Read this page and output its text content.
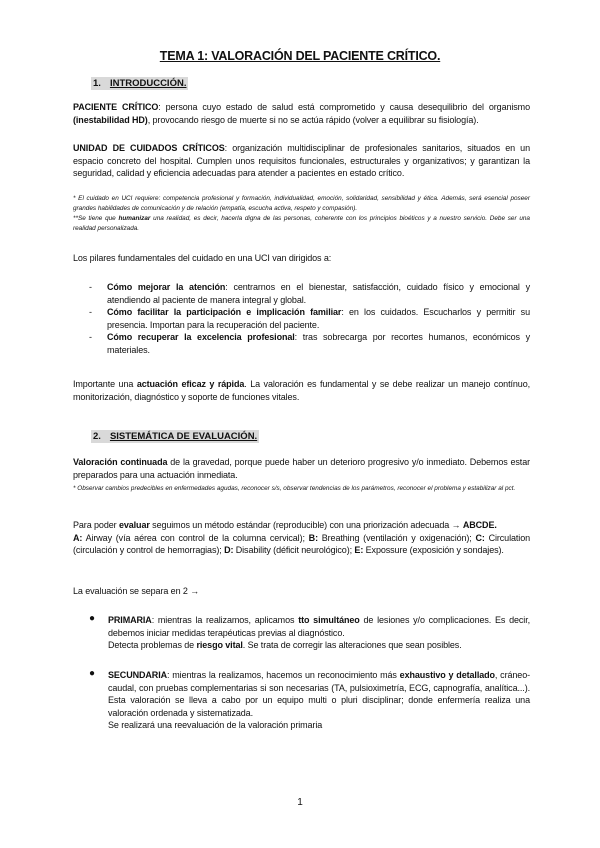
TEMA 1: VALORACIÓN DEL PACIENTE CRÍTICO.
1. INTRODUCCIÓN.
PACIENTE CRÍTICO: persona cuyo estado de salud está comprometido y causa desequilibrio del organismo (inestabilidad HD), provocando riesgo de muerte si no se actúa rápido (volver a equilibrar su fisiología).
UNIDAD DE CUIDADOS CRÍTICOS: organización multidisciplinar de profesionales sanitarios, situados en un espacio concreto del hospital. Cumplen unos requisitos funcionales, estructurales y organizativos; y garantizan la seguridad, calidad y eficiencia adecuadas para atender a pacientes en estado crítico.
* El cuidado en UCI requiere: competencia profesional y formación, individualidad, emoción, solidaridad, sensibilidad y ética. Además, será esencial poseer grandes habilidades de comunicación y de relación (empatía, escucha activa, respeto y compasión).
**Se tiene que humanizar una realidad, es decir, hacerla digna de las personas, coherente con los principios bioéticos y a nuestro servicio. Debe ser una realidad personalizada.
Los pilares fundamentales del cuidado en una UCI van dirigidos a:
- Cómo mejorar la atención: centrarnos en el bienestar, satisfacción, cuidado físico y emocional y atendiendo al paciente de manera integral y global.
- Cómo facilitar la participación e implicación familiar: en los cuidados. Escucharlos y permitir su presencia. Importan para la recuperación del paciente.
- Cómo recuperar la excelencia profesional: tras sobrecarga por recortes humanos, económicos y materiales.
Importante una actuación eficaz y rápida. La valoración es fundamental y se debe realizar un manejo contínuo, monitorización, diagnóstico y soporte de funciones vitales.
2. SISTEMÁTICA DE EVALUACIÓN.
Valoración continuada de la gravedad, porque puede haber un deterioro progresivo y/o inmediato. Debemos estar preparados para una actuación inmediata.
* Observar cambios predecibles en enfermedades agudas, reconocer s/s, observar tendencias de los parámetros, reconocer el problema y estabilizar al pct.
Para poder evaluar seguimos un método estándar (reproducible) con una priorización adecuada → ABCDE.
A: Airway (vía aérea con control de la columna cervical); B: Breathing (ventilación y oxigenación); C: Circulation (circulación y control de hemorragias); D: Disability (déficit neurológico); E: Expossure (exposición y sondajes).
La evaluación se separa en 2 →
● PRIMARIA: mientras la realizamos, aplicamos tto simultáneo de lesiones y/o complicaciones. Es decir, debemos iniciar medidas terapéuticas previas al diagnóstico.
Detecta problemas de riesgo vital. Se trata de corregir las alteraciones que sean posibles.
● SECUNDARIA: mientras la realizamos, hacemos un reconocimiento más exhaustivo y detallado, cráneo-caudal, con pruebas complementarias si son necesarias (TA, pulsioximetría, ECG, capnografía, analítica...). Esta valoración se lleva a cabo por un equipo multi o pluri disciplinar; donde enfermería realiza una valoración ordenada y sistematizada.
Se realizará una reevaluación de la valoración primaria
1
